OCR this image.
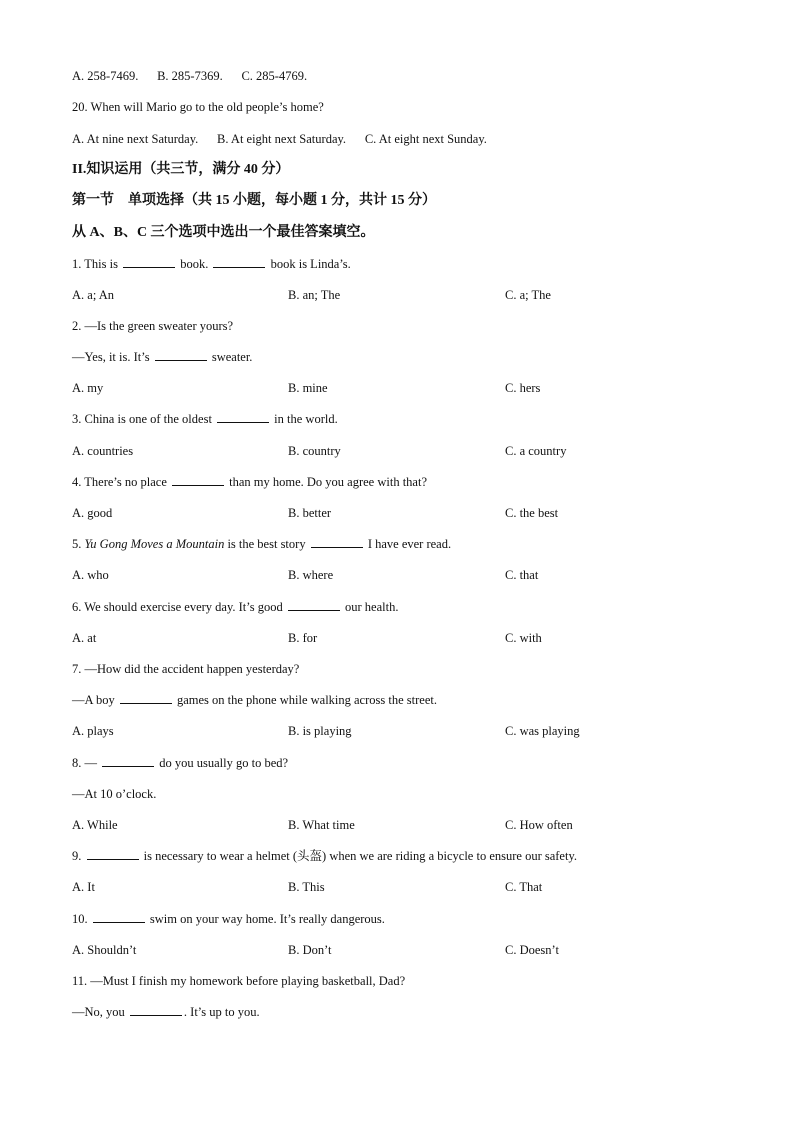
A. 258-7469. B. 285-7369. C. 285-4769.
20. When will Mario go to the old people’s home?
A. At nine next Saturday. B. At eight next Saturday. C. At eight next Sunday.
II.知识运用（共三节，满分 40 分）
第一节　单项选择（共 15 小题，每小题 1 分，共计 15 分）
从 A、B、C 三个选项中选出一个最佳答案填空。
1. This is	book.	book is Linda’s.
A. a; An	B. an; The	C. a; The
2. —Is the green sweater yours?
—Yes, it is. It’s	sweater.
A. my	B. mine	C. hers
3. China is one of the oldest	in the world.
A. countries	B. country	C. a country
4. There’s no place	than my home. Do you agree with that?
A. good	B. better	C. the best
5. Yu Gong Moves a Mountain is the best story	I have ever read.
A. who	B. where	C. that
6. We should exercise every day. It’s good	our health.
A. at	B. for	C. with
7. —How did the accident happen yesterday?
—A boy	games on the phone while walking across the street.
A. plays	B. is playing	C. was playing
8. —	do you usually go to bed?
—At 10 o’clock.
A. While	B. What time	C. How often
9.	is necessary to wear a helmet (头盔) when we are riding a bicycle to ensure our safety.
A. It	B. This	C. That
10.	swim on your way home. It’s really dangerous.
A. Shouldn’t	B. Don’t	C. Doesn’t
11. —Must I finish my homework before playing basketball, Dad?
—No, you	. It’s up to you.
